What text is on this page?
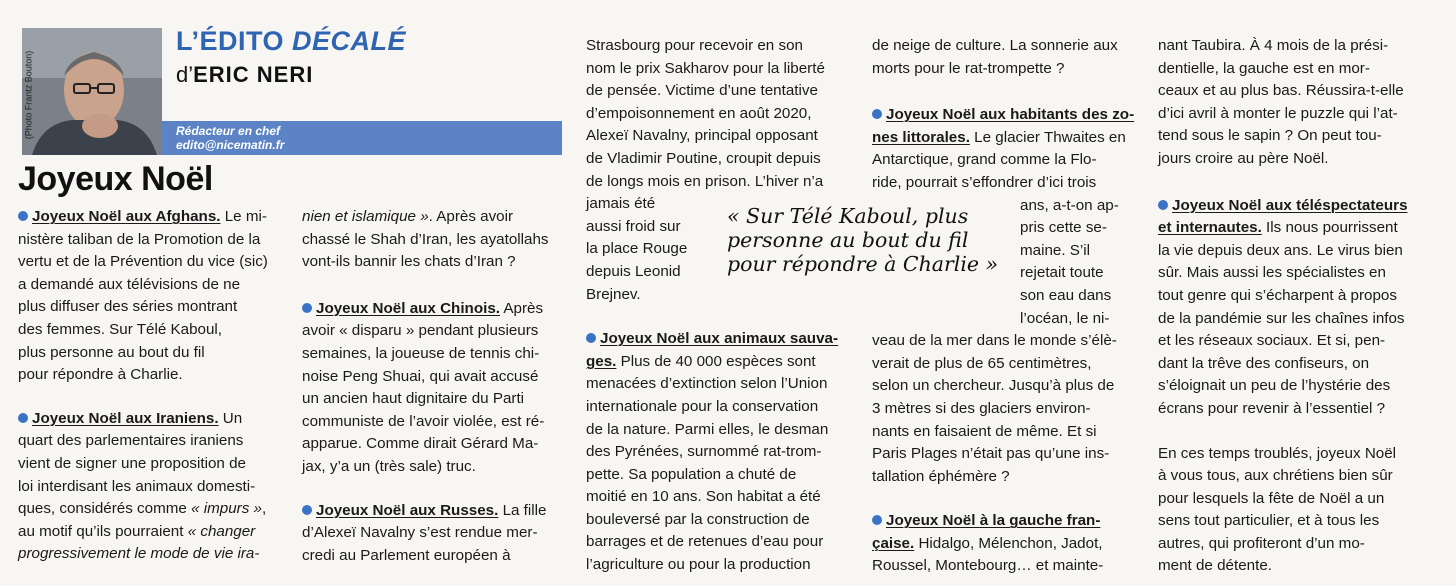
(Photo Frantz Bouton)
L’ÉDITO DÉCALÉ
d’ERIC NERI
Rédacteur en chef
edito@nicematin.fr
Joyeux Noël

Joyeux Noël aux Afghans. Le mi-
nistère taliban de la Promotion de la
vertu et de la Prévention du vice (sic)
a demandé aux télévisions de ne
plus diffuser des séries montrant
des femmes. Sur Télé Kaboul,
plus personne au bout du fil
pour répondre à Charlie.

Joyeux Noël aux Iraniens. Un
quart des parlementaires iraniens
vient de signer une proposition de
loi interdisant les animaux domesti-
ques, considérés comme « impurs »,
au motif qu’ils pourraient « changer
progressivement le mode de vie ira-

nien et islamique ». Après avoir
chassé le Shah d’Iran, les ayatollahs
vont-ils bannir les chats d’Iran ?

Joyeux Noël aux Chinois. Après
avoir « disparu » pendant plusieurs
semaines, la joueuse de tennis chi-
noise Peng Shuai, qui avait accusé
un ancien haut dignitaire du Parti
communiste de l’avoir violée, est ré-
apparue. Comme dirait Gérard Ma-
jax, y’a un (très sale) truc.

Joyeux Noël aux Russes. La fille
d’Alexeï Navalny s’est rendue mer-
credi au Parlement européen à

Strasbourg pour recevoir en son
nom le prix Sakharov pour la liberté
de pensée. Victime d’une tentative
d’empoisonnement en août 2020,
Alexeï Navalny, principal opposant
de Vladimir Poutine, croupit depuis
de longs mois en prison. L’hiver n’a
jamais été
aussi froid sur
la place Rouge
depuis Leonid
Brejnev.

Joyeux Noël aux animaux sauva-
ges. Plus de 40 000 espèces sont
menacées d’extinction selon l’Union
internationale pour la conservation
de la nature. Parmi elles, le desman
des Pyrénées, surnommé rat-trom-
pette. Sa population a chuté de
moitié en 10 ans. Son habitat a été
bouleversé par la construction de
barrages et de retenues d’eau pour
l’agriculture ou pour la production

« Sur Télé Kaboul, plus personne au bout du fil pour répondre à Charlie »

de neige de culture. La sonnerie aux
morts pour le rat-trompette ?

Joyeux Noël aux habitants des zo-
nes littorales. Le glacier Thwaites en
Antarctique, grand comme la Flo-
ride, pourrait s’effondrer d’ici trois

ans, a-t-on ap-
pris cette se-
maine. S’il
rejetait toute
son eau dans
l’océan, le ni-

veau de la mer dans le monde s’élè-
verait de plus de 65 centimètres,
selon un chercheur. Jusqu’à plus de
3 mètres si des glaciers environ-
nants en faisaient de même. Et si
Paris Plages n’était pas qu’une ins-
tallation éphémère ?

Joyeux Noël à la gauche fran-
çaise. Hidalgo, Mélenchon, Jadot,
Roussel, Montebourg… et mainte-

nant Taubira. À 4 mois de la prési-
dentielle, la gauche est en mor-
ceaux et au plus bas. Réussira-t-elle
d’ici avril à monter le puzzle qui l’at-
tend sous le sapin ? On peut tou-
jours croire au père Noël.

Joyeux Noël aux téléspectateurs
et internautes. Ils nous pourrissent
la vie depuis deux ans. Le virus bien
sûr. Mais aussi les spécialistes en
tout genre qui s’écharpent à propos
de la pandémie sur les chaînes infos
et les réseaux sociaux. Et si, pen-
dant la trêve des confiseurs, on
s’éloignait un peu de l’hystérie des
écrans pour revenir à l’essentiel ?

En ces temps troublés, joyeux Noël
à vous tous, aux chrétiens bien sûr
pour lesquels la fête de Noël a un
sens tout particulier, et à tous les
autres, qui profiteront d’un mo-
ment de détente.
